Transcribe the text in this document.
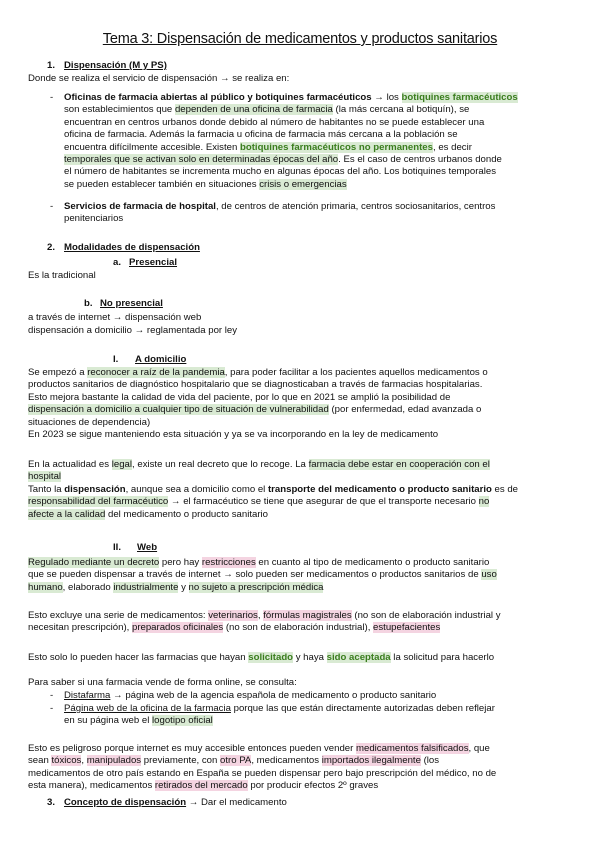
Tema 3: Dispensación de medicamentos y productos sanitarios
1. Dispensación (M y PS)
Donde se realiza el servicio de dispensación → se realiza en:
- Oficinas de farmacia abiertas al público y botiquines farmacéuticos → los botiquines farmacéuticos

son establecimientos que dependen de una oficina de farmacia (la más cercana al botiquín), se

encuentran en centros urbanos donde debido al número de habitantes no se puede establecer una

oficina de farmacia. Además la farmacia u oficina de farmacia más cercana a la población se

encuentra difícilmente accesible. Existen botiquines farmacéuticos no permanentes, es decir

temporales que se activan solo en determinadas épocas del año. Es el caso de centros urbanos donde

el número de habitantes se incrementa mucho en algunas épocas del año. Los botiquines temporales

se pueden establecer también en situaciones crisis o emergencias

- Servicios de farmacia de hospital, de centros de atención primaria, centros sociosanitarios, centros

penitenciarios

2. Modalidades de dispensación
a. Presencial
Es la tradicional
b. No presencial
a través de internet → dispensación web
dispensación a domicilio → reglamentada por ley
I. A domicilio

Se empezó a reconocer a raíz de la pandemia, para poder facilitar a los pacientes aquellos medicamentos o

productos sanitarios de diagnóstico hospitalario que se diagnosticaban a través de farmacias hospitalarias.

Esto mejora bastante la calidad de vida del paciente, por lo que en 2021 se amplió la posibilidad de

dispensación a domicilio a cualquier tipo de situación de vulnerabilidad (por enfermedad, edad avanzada o

situaciones de dependencia)

En 2023 se sigue manteniendo esta situación y ya se va incorporando en la ley de medicamento

En la actualidad es legal, existe un real decreto que lo recoge. La farmacia debe estar en cooperación con el

hospital

Tanto la dispensación, aunque sea a domicilio como el transporte del medicamento o producto sanitario es de

responsabilidad del farmacéutico → el farmacéutico se tiene que asegurar de que el transporte necesario no

afecte a la calidad del medicamento o producto sanitario

II. Web

Regulado mediante un decreto pero hay restricciones en cuanto al tipo de medicamento o producto sanitario

que se pueden dispensar a través de internet → solo pueden ser medicamentos o productos sanitarios de uso

humano, elaborado industrialmente y no sujeto a prescripción médica

Esto excluye una serie de medicamentos: veterinarios, fórmulas magistrales (no son de elaboración industrial y

necesitan prescripción), preparados oficinales (no son de elaboración industrial), estupefacientes

Esto solo lo pueden hacer las farmacias que hayan solicitado y haya sido aceptada la solicitud para hacerlo

Para saber si una farmacia vende de forma online, se consulta:
- Distafarma → página web de la agencia española de medicamento o producto sanitario

- Página web de la oficina de la farmacia porque las que están directamente autorizadas deben reflejar

en su página web el logotipo oficial

Esto es peligroso porque internet es muy accesible entonces pueden vender medicamentos falsificados, que

sean tóxicos, manipulados previamente, con otro PA, medicamentos importados ilegalmente (los

medicamentos de otro país estando en España se pueden dispensar pero bajo prescripción del médico, no de

esta manera), medicamentos retirados del mercado por producir efectos 2º graves

3. Concepto de dispensación → Dar el medicamento
